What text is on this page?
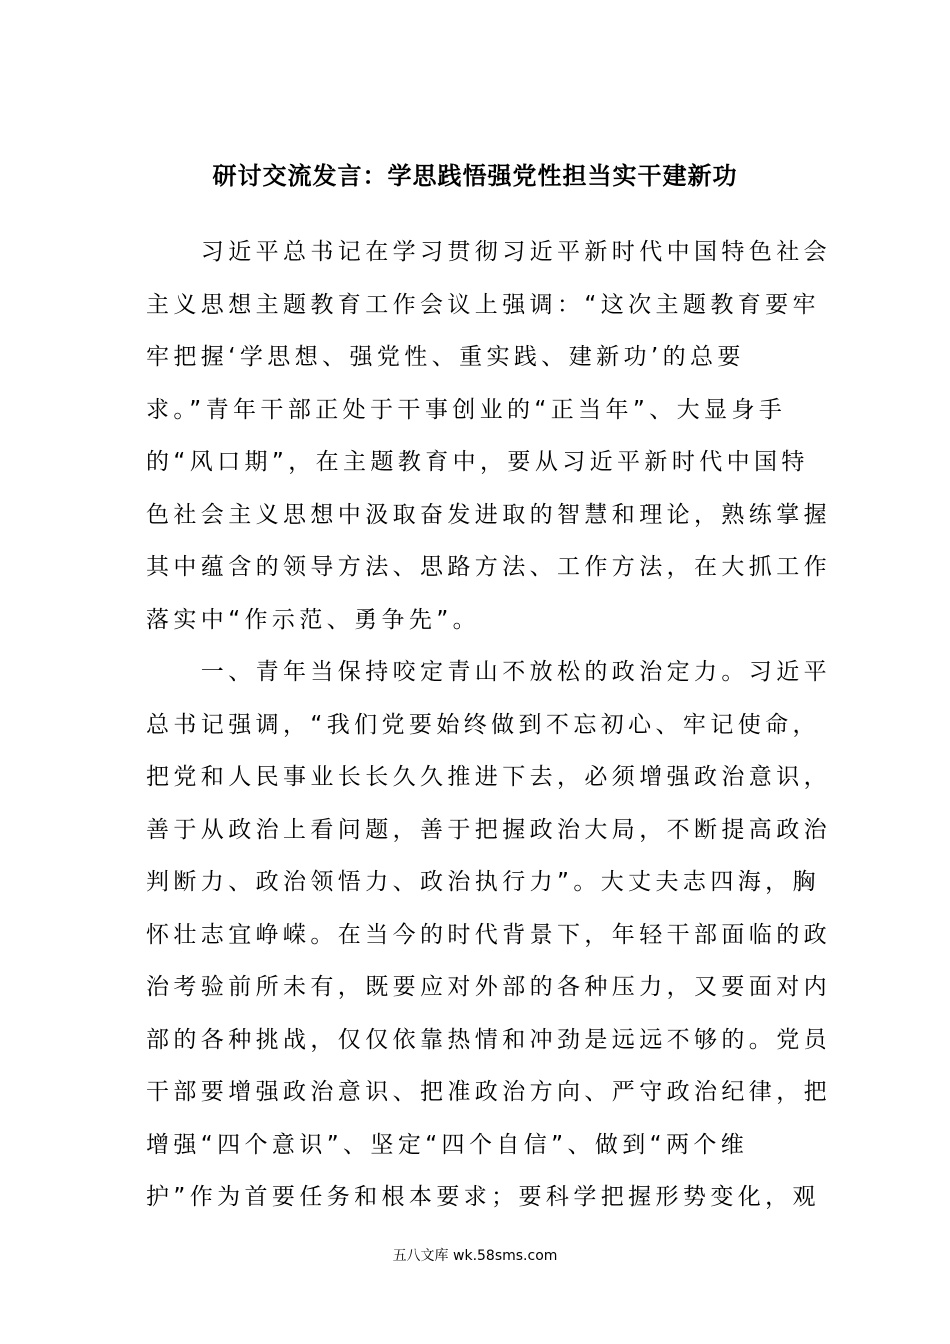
研讨交流发言：学思践悟强党性担当实干建新功
　　习近平总书记在学习贯彻习近平新时代中国特色社会
主义思想主题教育工作会议上强调：“这次主题教育要牢
牢把握‘学思想、强党性、重实践、建新功’的总要
求。”青年干部正处于干事创业的“正当年”、大显身手
的“风口期”，在主题教育中，要从习近平新时代中国特
色社会主义思想中汲取奋发进取的智慧和理论，熟练掌握
其中蕴含的领导方法、思路方法、工作方法，在大抓工作
落实中“作示范、勇争先”。
　　一、青年当保持咬定青山不放松的政治定力。习近平
总书记强调，“我们党要始终做到不忘初心、牢记使命，
把党和人民事业长长久久推进下去，必须增强政治意识，
善于从政治上看问题，善于把握政治大局，不断提高政治
判断力、政治领悟力、政治执行力”。大丈夫志四海，胸
怀壮志宜峥嵘。在当今的时代背景下，年轻干部面临的政
治考验前所未有，既要应对外部的各种压力，又要面对内
部的各种挑战，仅仅依靠热情和冲劲是远远不够的。党员
干部要增强政治意识、把准政治方向、严守政治纪律，把
增强“四个意识”、坚定“四个自信”、做到“两个维
护”作为首要任务和根本要求；要科学把握形势变化，观
五八文库 wk.58sms.com
